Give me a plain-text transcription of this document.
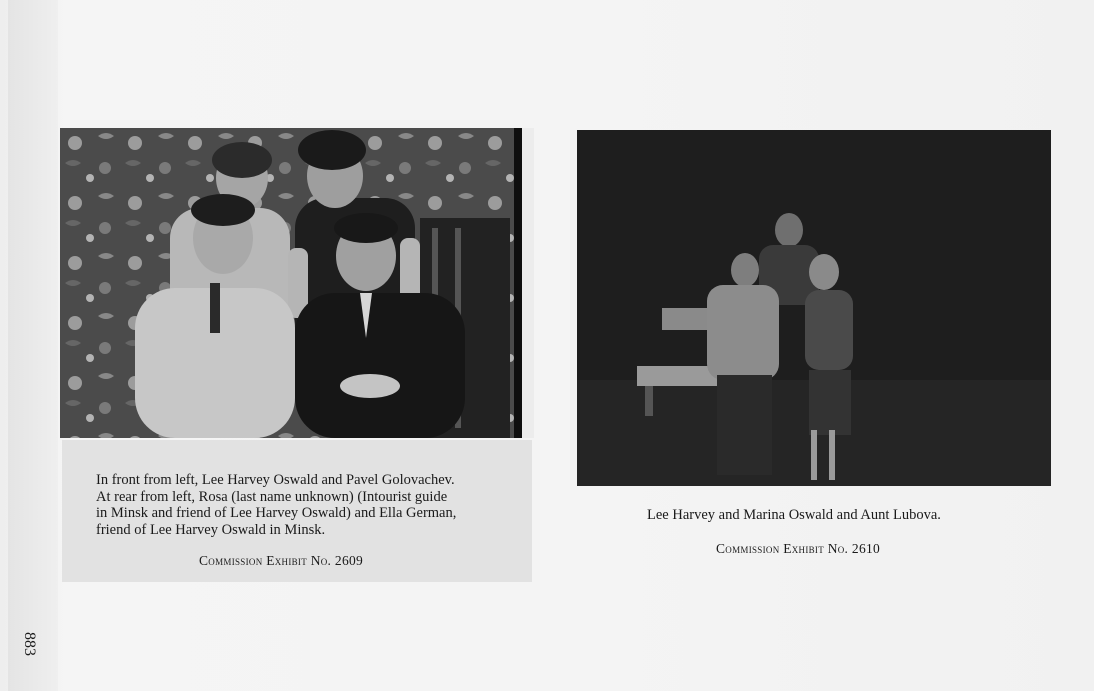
In front from left, Lee Harvey Oswald and Pavel Golovachev.
At rear from left, Rosa (last name unknown) (Intourist guide
in Minsk and friend of Lee Harvey Oswald) and Ella German,
friend of Lee Harvey Oswald in Minsk.
Commission Exhibit No. 2609
Lee Harvey and Marina Oswald and Aunt Lubova.
Commission Exhibit No. 2610
883
